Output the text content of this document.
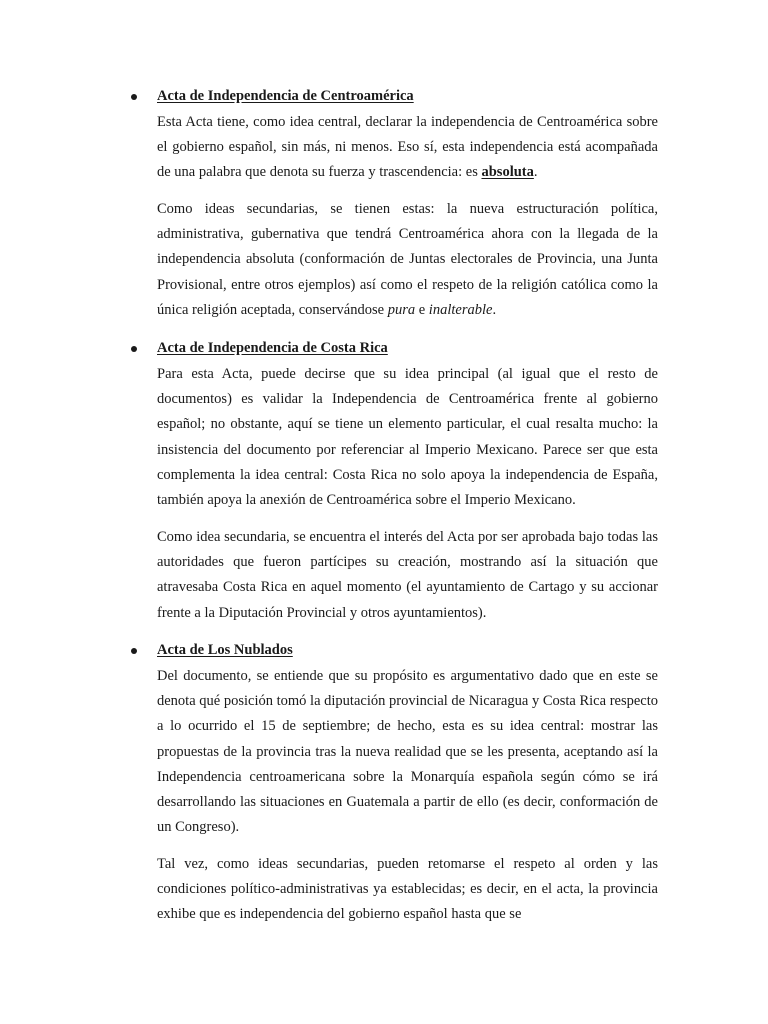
Acta de Independencia de Centroamérica

Esta Acta tiene, como idea central, declarar la independencia de Centroamérica sobre el gobierno español, sin más, ni menos. Eso sí, esta independencia está acompañada de una palabra que denota su fuerza y trascendencia: es absoluta.

Como ideas secundarias, se tienen estas: la nueva estructuración política, administrativa, gubernativa que tendrá Centroamérica ahora con la llegada de la independencia absoluta (conformación de Juntas electorales de Provincia, una Junta Provisional, entre otros ejemplos) así como el respeto de la religión católica como la única religión aceptada, conservándose pura e inalterable.

Acta de Independencia de Costa Rica

Para esta Acta, puede decirse que su idea principal (al igual que el resto de documentos) es validar la Independencia de Centroamérica frente al gobierno español; no obstante, aquí se tiene un elemento particular, el cual resalta mucho: la insistencia del documento por referenciar al Imperio Mexicano. Parece ser que esta complementa la idea central: Costa Rica no solo apoya la independencia de España, también apoya la anexión de Centroamérica sobre el Imperio Mexicano.

Como idea secundaria, se encuentra el interés del Acta por ser aprobada bajo todas las autoridades que fueron partícipes su creación, mostrando así la situación que atravesaba Costa Rica en aquel momento (el ayuntamiento de Cartago y su accionar frente a la Diputación Provincial y otros ayuntamientos).

Acta de Los Nublados

Del documento, se entiende que su propósito es argumentativo dado que en este se denota qué posición tomó la diputación provincial de Nicaragua y Costa Rica respecto a lo ocurrido el 15 de septiembre; de hecho, esta es su idea central: mostrar las propuestas de la provincia tras la nueva realidad que se les presenta, aceptando así la Independencia centroamericana sobre la Monarquía española según cómo se irá desarrollando las situaciones en Guatemala a partir de ello (es decir, conformación de un Congreso).

Tal vez, como ideas secundarias, pueden retomarse el respeto al orden y las condiciones político-administrativas ya establecidas; es decir, en el acta, la provincia exhibe que es independencia del gobierno español hasta que se
